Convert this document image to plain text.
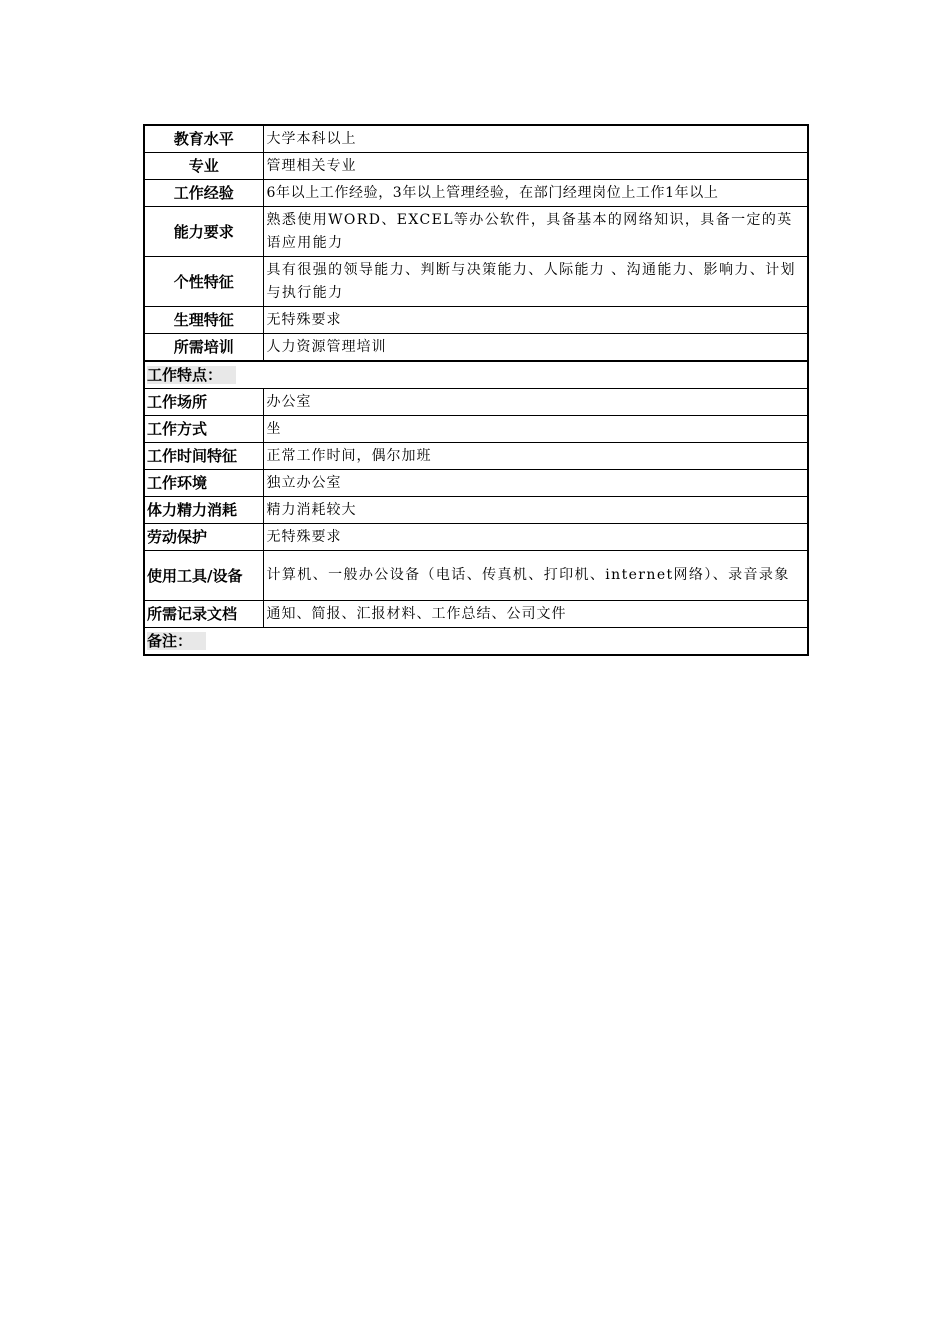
教育水平	大学本科以上
专业	管理相关专业
工作经验	6年以上工作经验，3年以上管理经验，在部门经理岗位上工作1年以上
能力要求	熟悉使用WORD、EXCEL等办公软件，具备基本的网络知识，具备一定的英语应用能力
个性特征	具有很强的领导能力、判断与决策能力、人际能力 、沟通能力、影响力、计划与执行能力
生理特征	无特殊要求
所需培训	人力资源管理培训
工作特点：	
工作场所	办公室
工作方式	坐
工作时间特征	正常工作时间，偶尔加班
工作环境	独立办公室
体力精力消耗	精力消耗较大
劳动保护	无特殊要求
使用工具/设备	计算机、一般办公设备（电话、传真机、打印机、internet网络）、录音录象
所需记录文档	通知、简报、汇报材料、工作总结、公司文件
备注：	
